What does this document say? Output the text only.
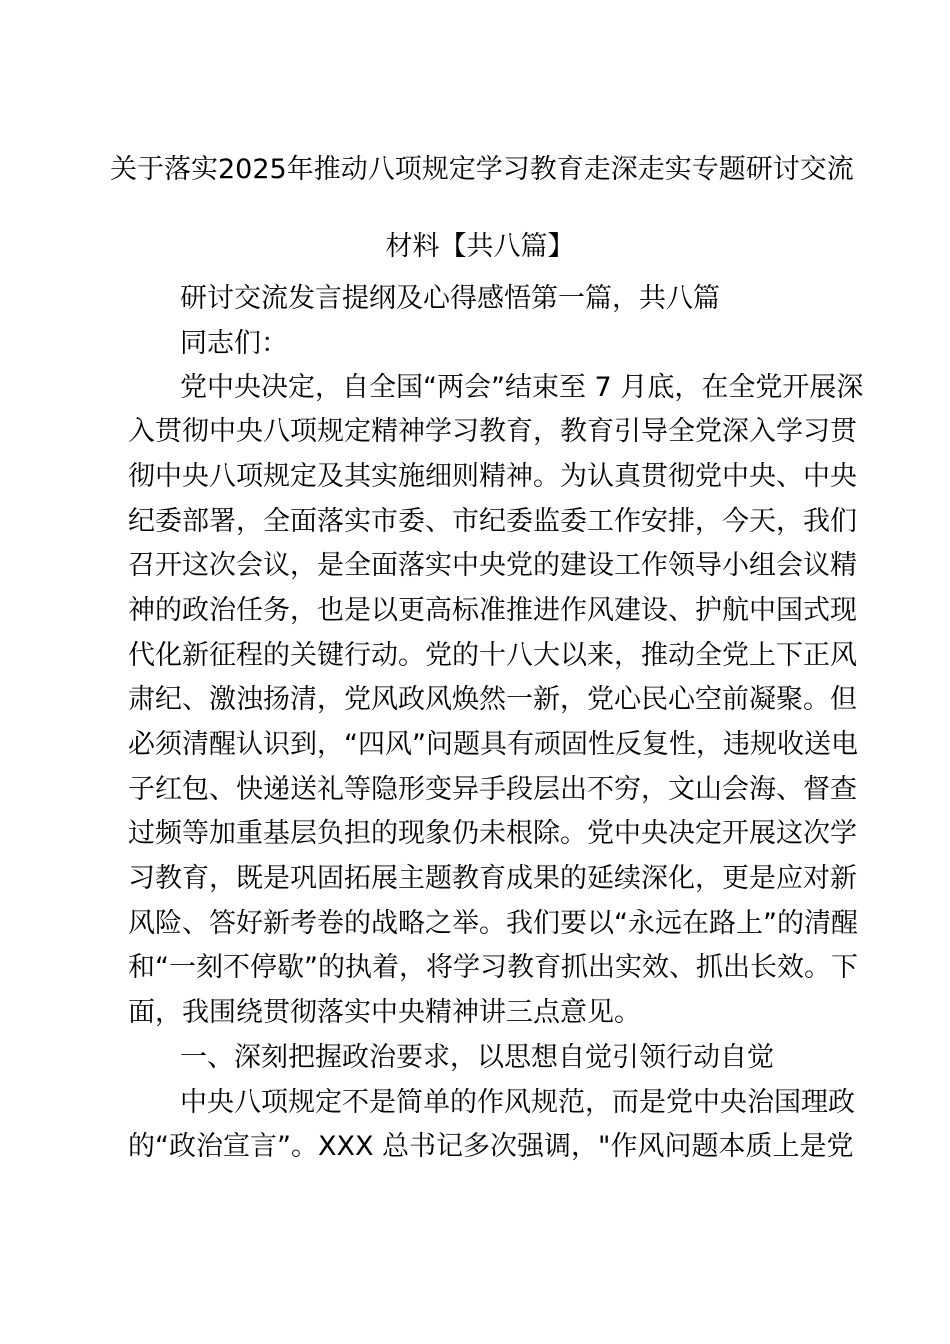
关于落实2025年推动八项规定学习教育走深走实专题研讨交流
材料【共八篇】
研讨交流发言提纲及心得感悟第一篇，共八篇
同志们：
党中央决定，自全国“两会”结束至 7 月底，在全党开展深
入贯彻中央八项规定精神学习教育，教育引导全党深入学习贯
彻中央八项规定及其实施细则精神。为认真贯彻党中央、中央
纪委部署，全面落实市委、市纪委监委工作安排，今天，我们
召开这次会议，是全面落实中央党的建设工作领导小组会议精
神的政治任务，也是以更高标准推进作风建设、护航中国式现
代化新征程的关键行动。党的十八大以来，推动全党上下正风
肃纪、激浊扬清，党风政风焕然一新，党心民心空前凝聚。但
必须清醒认识到，“四风”问题具有顽固性反复性，违规收送电
子红包、快递送礼等隐形变异手段层出不穷，文山会海、督查
过频等加重基层负担的现象仍未根除。党中央决定开展这次学
习教育，既是巩固拓展主题教育成果的延续深化，更是应对新
风险、答好新考卷的战略之举。我们要以“永远在路上”的清醒
和“一刻不停歇”的执着，将学习教育抓出实效、抓出长效。下
面，我围绕贯彻落实中央精神讲三点意见。
一、深刻把握政治要求，以思想自觉引领行动自觉
中央八项规定不是简单的作风规范，而是党中央治国理政
的“政治宣言”。XXX 总书记多次强调，"作风问题本质上是党
